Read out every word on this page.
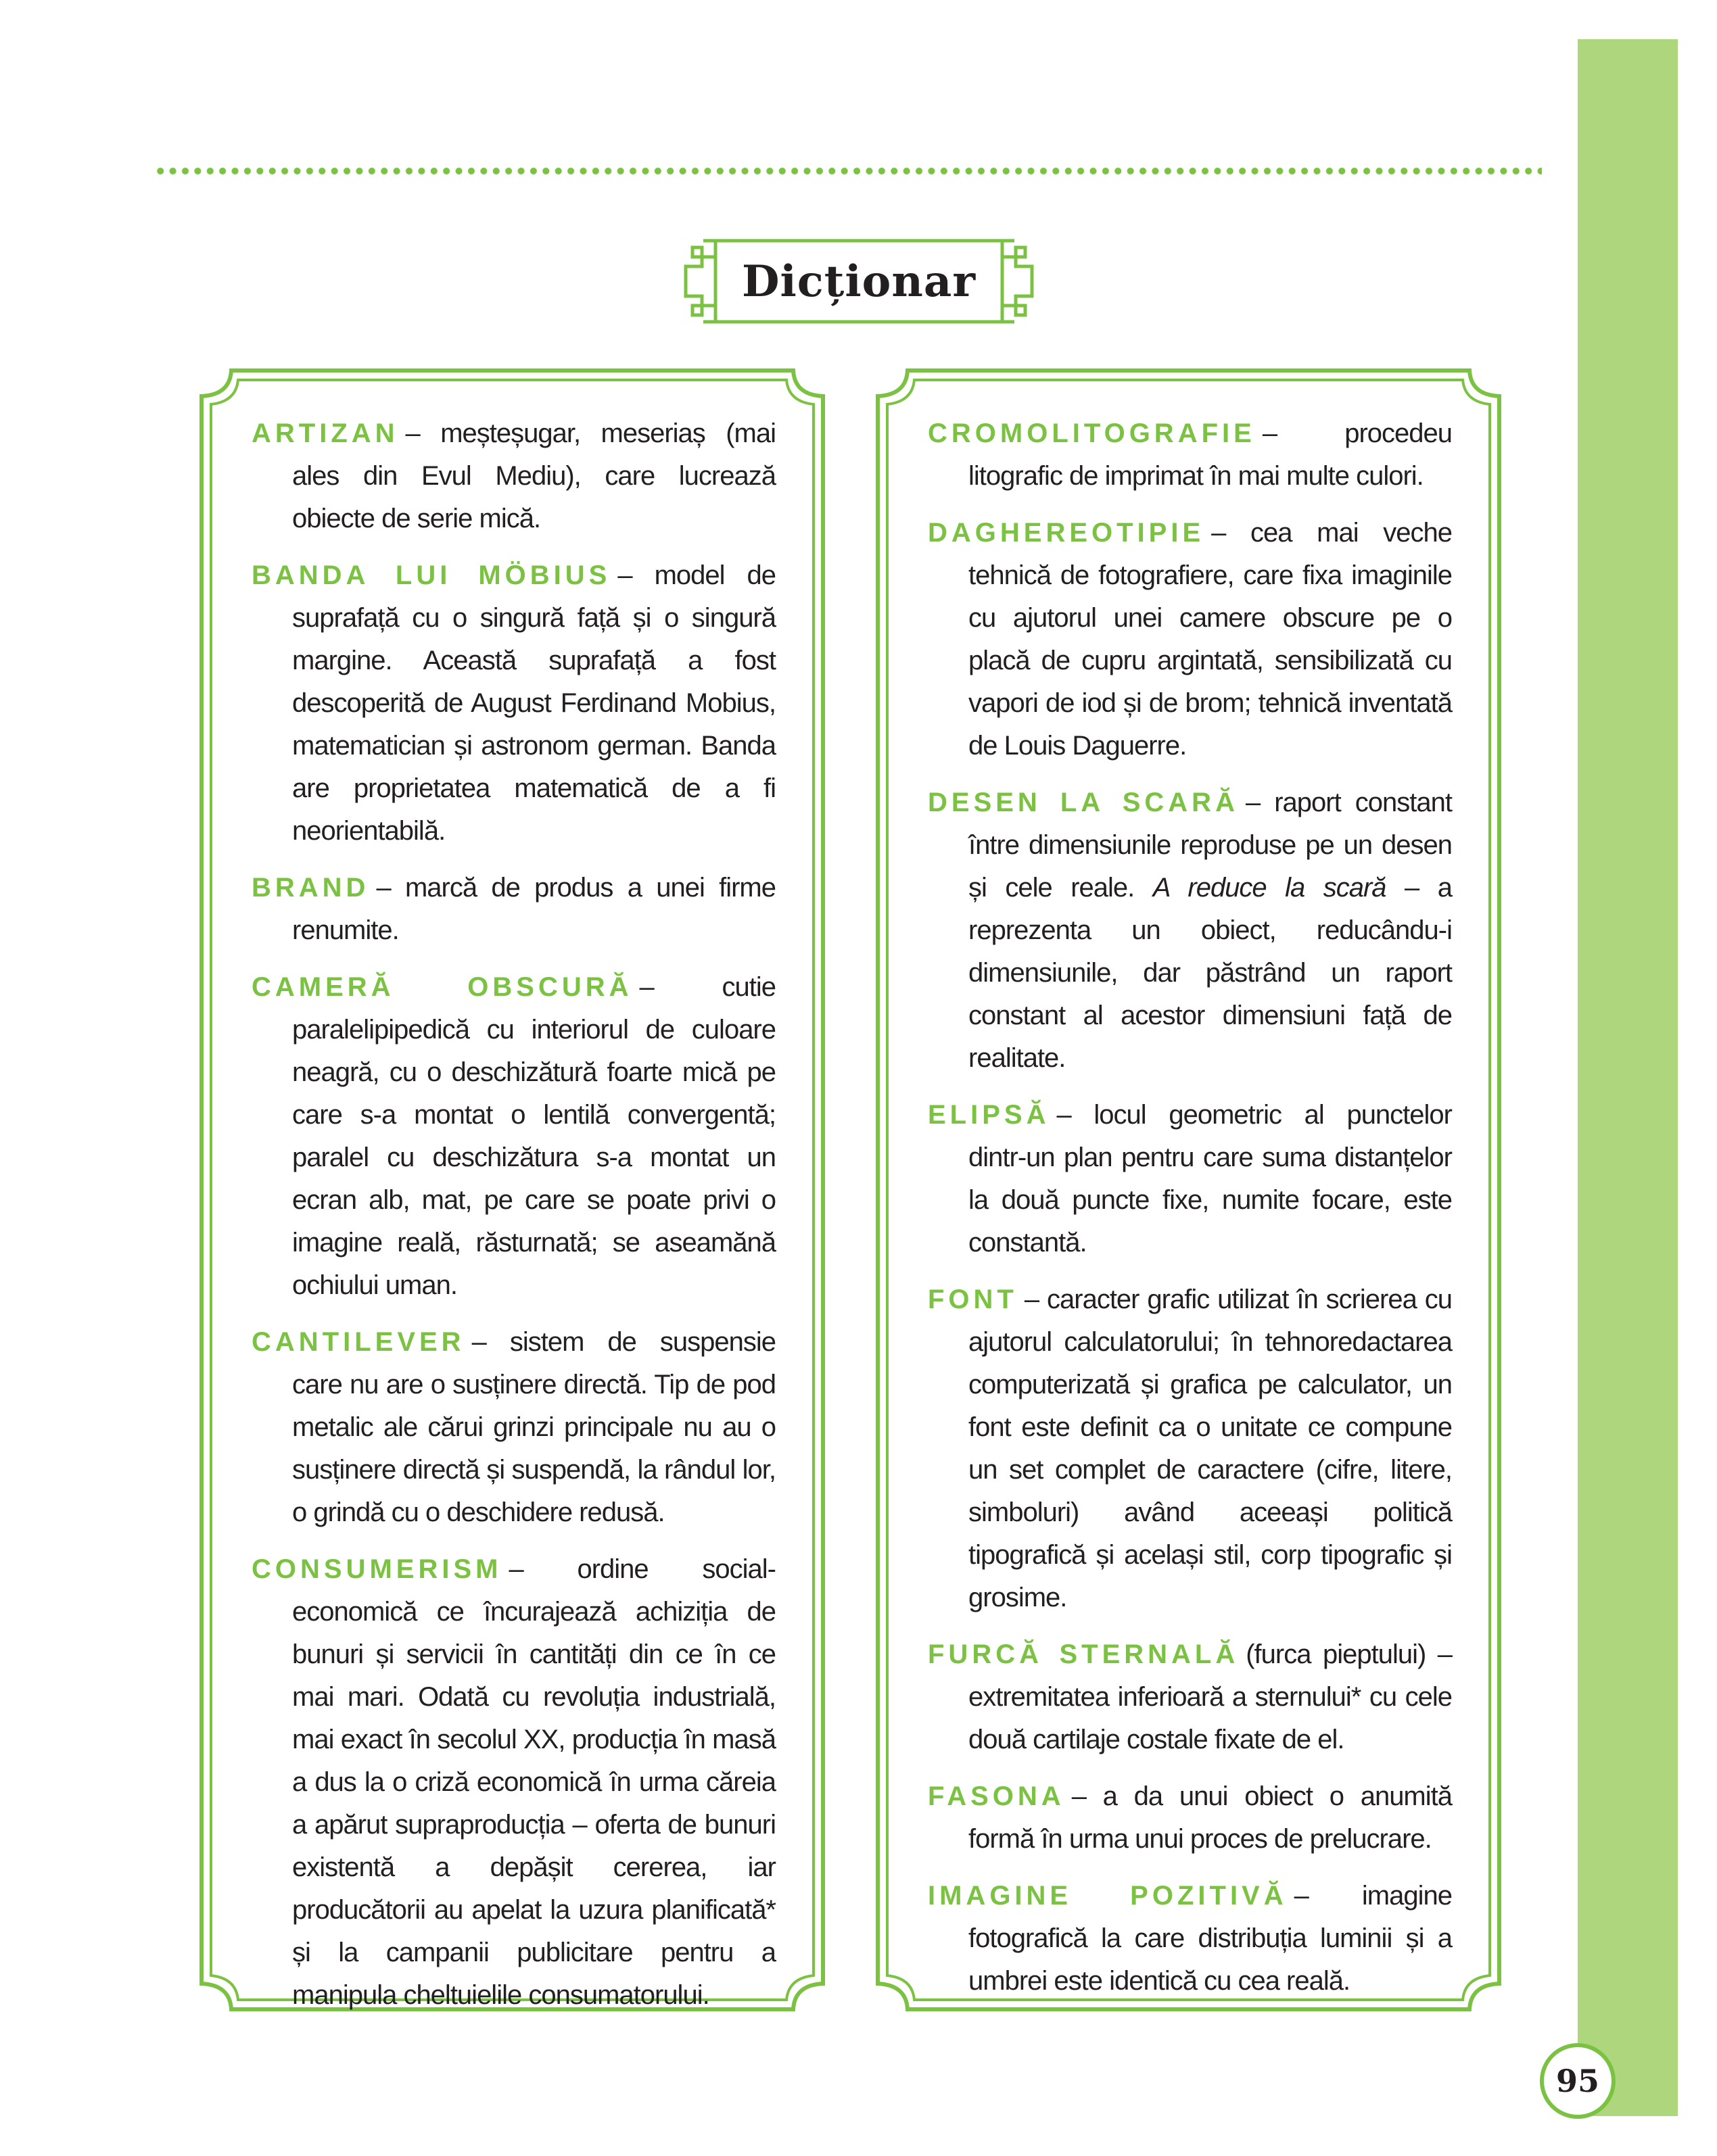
Dicționar

ARTIZAN – meșteșugar, meseriaș (mai ales din Evul Mediu), care lucrează obiecte de serie mică.

BANDA LUI MÖBIUS – model de suprafață cu o singură față și o singură margine. Această suprafață a fost descoperită de August Ferdinand Mobius, matematician și astronom german. Banda are proprietatea matematică de a fi neorientabilă.

BRAND – marcă de produs a unei firme renumite.

CAMERĂ OBSCURĂ – cutie paralelipipedică cu interiorul de culoare neagră, cu o deschizătură foarte mică pe care s-a montat o lentilă convergentă; paralel cu deschizătura s-a montat un ecran alb, mat, pe care se poate privi o imagine reală, răsturnată; se aseamănă ochiului uman.

CANTILEVER – sistem de suspensie care nu are o susținere directă. Tip de pod metalic ale cărui grinzi principale nu au o susținere directă și suspendă, la rândul lor, o grindă cu o deschidere redusă.

CONSUMERISM – ordine social-economică ce încurajează achiziția de bunuri și servicii în cantități din ce în ce mai mari. Odată cu revoluția industrială, mai exact în secolul XX, producția în masă a dus la o criză economică în urma căreia a apărut supraproducția – oferta de bunuri existentă a depășit cererea, iar producătorii au apelat la uzura planificată* și la campanii publicitare pentru a manipula cheltuielile consumatorului.

CROMOLITOGRAFIE – procedeu litografic de imprimat în mai multe culori.

DAGHEREOTIPIE – cea mai veche tehnică de fotografiere, care fixa imaginile cu ajutorul unei camere obscure pe o placă de cupru argintată, sensibilizată cu vapori de iod și de brom; tehnică inventată de Louis Daguerre.

DESEN LA SCARĂ – raport constant între dimensiunile reproduse pe un desen și cele reale. A reduce la scară – a reprezenta un obiect, reducându-i dimensiunile, dar păstrând un raport constant al acestor dimensiuni față de realitate.

ELIPSĂ – locul geometric al punctelor dintr-un plan pentru care suma distanțelor la două puncte fixe, numite focare, este constantă.

FONT – caracter grafic utilizat în scrierea cu ajutorul calculatorului; în tehnoredactarea computerizată și grafica pe calculator, un font este definit ca o unitate ce compune un set complet de caractere (cifre, litere, simboluri) având aceeași politică tipografică și același stil, corp tipografic și grosime.

FURCĂ STERNALĂ (furca pieptului) – extremitatea inferioară a sternului* cu cele două cartilaje costale fixate de el.

FASONA – a da unui obiect o anumită formă în urma unui proces de prelucrare.

IMAGINE POZITIVĂ – imagine fotografică la care distribuția luminii și a umbrei este identică cu cea reală.

95
